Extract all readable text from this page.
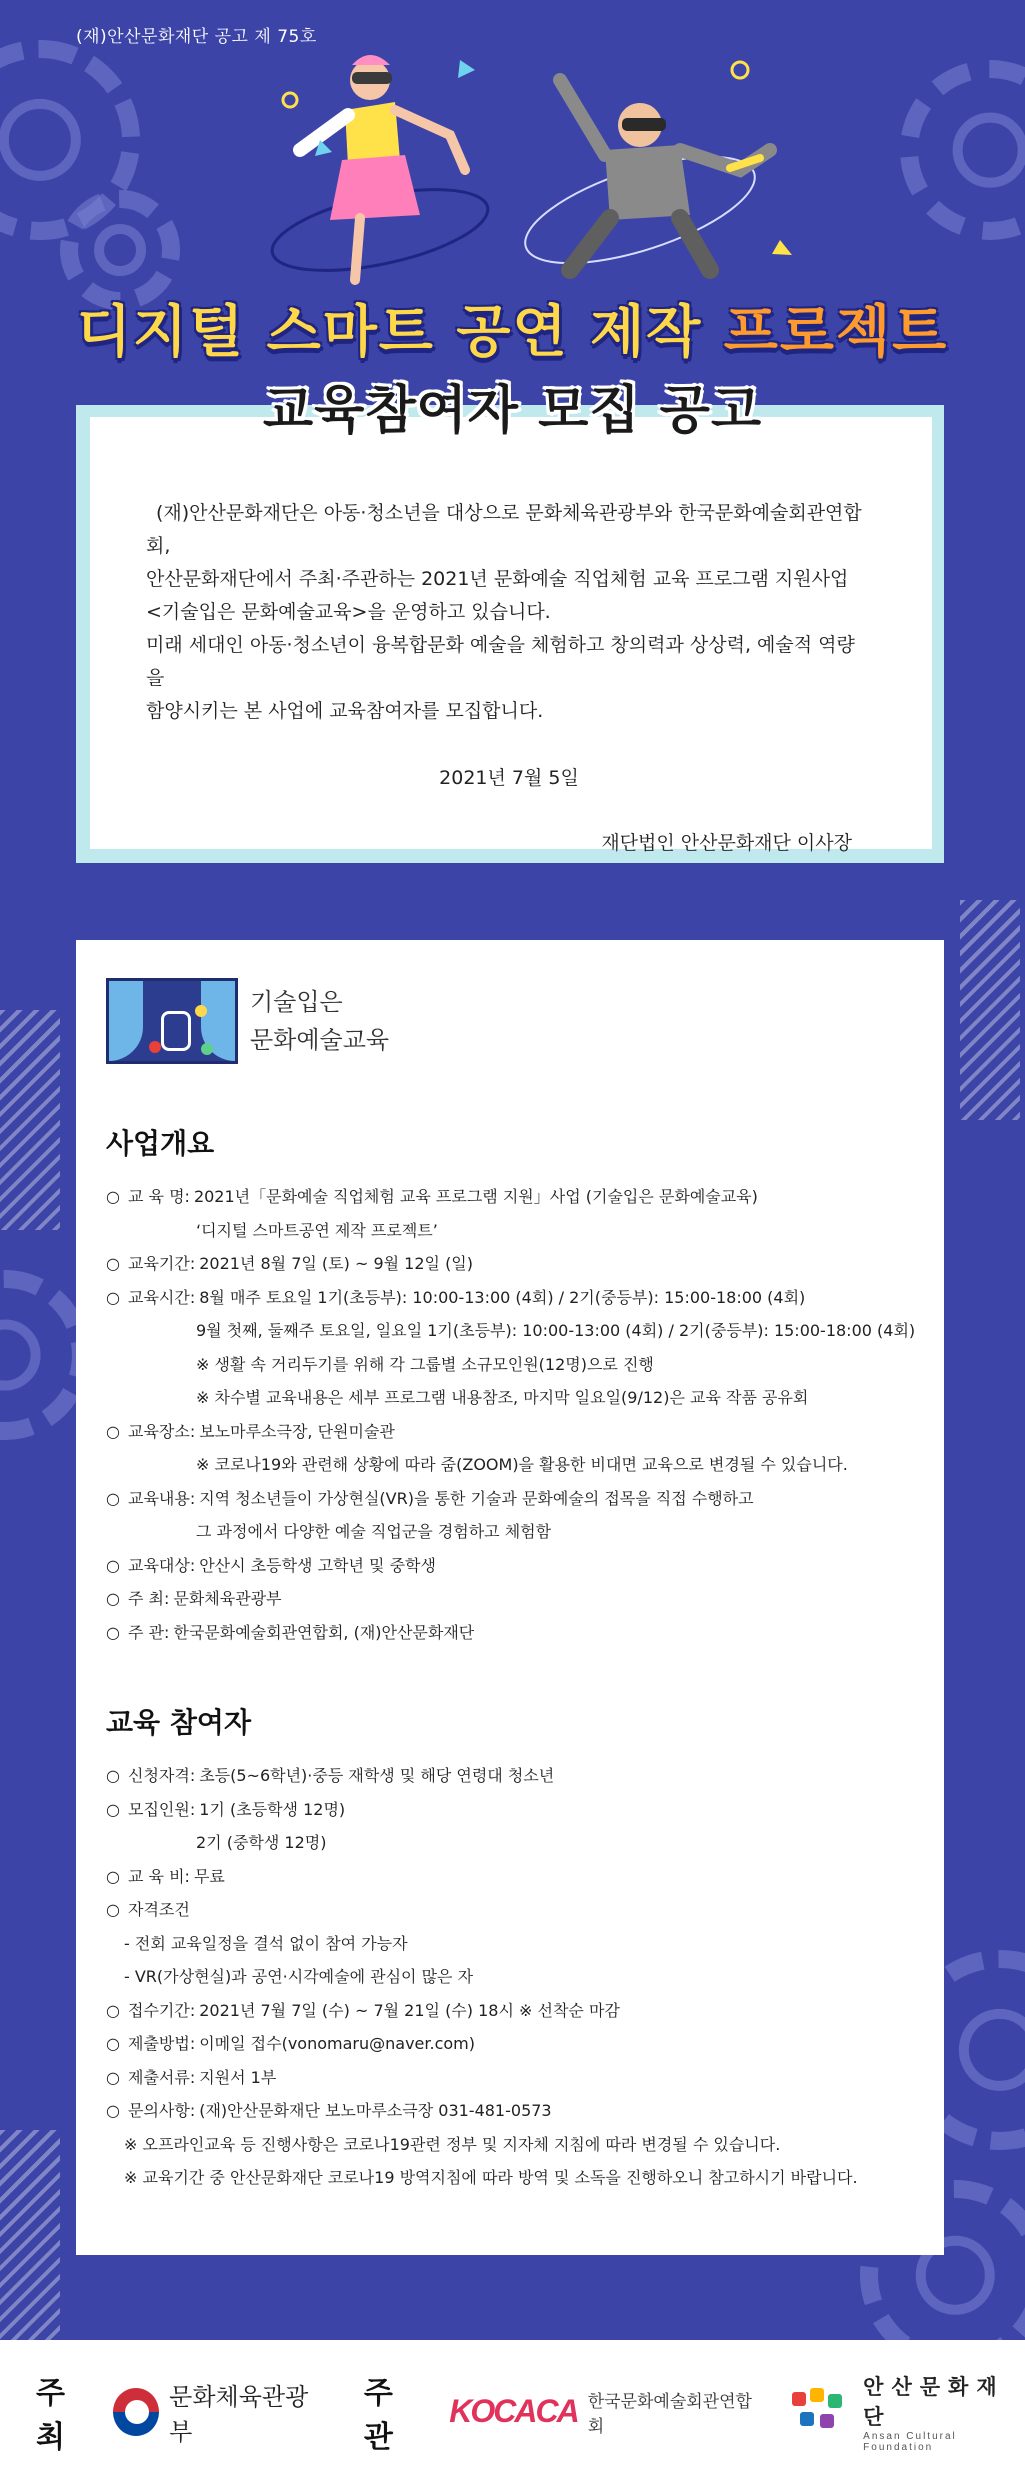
(재)안산문화재단 공고 제 75호
디지털 스마트 공연 제작 프로젝트

(재)안산문화재단은 아동·청소년을 대상으로 문화체육관광부와 한국문화예술회관연합회,

안산문화재단에서 주최·주관하는 2021년 문화예술 직업체험 교육 프로그램 지원사업

<기술입은 문화예술교육>을 운영하고 있습니다.

미래 세대인 아동·청소년이 융복합문화 예술을 체험하고 창의력과 상상력, 예술적 역량을

함양시키는 본 사업에 교육참여자를 모집합니다.

2021년 7월 5일

재단법인 안산문화재단 이사장

교육참여자 모집 공고
기술입은
문화예술교육
사업개요
○ 교 육 명: 2021년「문화예술 직업체험 교육 프로그램 지원」사업 (기술입은 문화예술교육)
‘디지털 스마트공연 제작 프로젝트’
○ 교육기간: 2021년 8월 7일 (토) ~ 9월 12일 (일)
○ 교육시간: 8월 매주 토요일 1기(초등부): 10:00-13:00 (4회) / 2기(중등부): 15:00-18:00 (4회)
9월 첫째, 둘째주 토요일, 일요일 1기(초등부): 10:00-13:00 (4회) / 2기(중등부): 15:00-18:00 (4회)
※ 생활 속 거리두기를 위해 각 그룹별 소규모인원(12명)으로 진행
※ 차수별 교육내용은 세부 프로그램 내용참조, 마지막 일요일(9/12)은 교육 작품 공유회
○ 교육장소: 보노마루소극장, 단원미술관
※ 코로나19와 관련해 상황에 따라 줌(ZOOM)을 활용한 비대면 교육으로 변경될 수 있습니다.
○ 교육내용: 지역 청소년들이 가상현실(VR)을 통한 기술과 문화예술의 접목을 직접 수행하고
그 과정에서 다양한 예술 직업군을 경험하고 체험함
○ 교육대상: 안산시 초등학생 고학년 및 중학생
○ 주 최: 문화체육관광부
○ 주 관: 한국문화예술회관연합회, (재)안산문화재단
교육 참여자
○ 신청자격: 초등(5~6학년)·중등 재학생 및 해당 연령대 청소년
○ 모집인원: 1기 (초등학생 12명)
2기 (중학생 12명)
○ 교 육 비: 무료
○ 자격조건
- 전회 교육일정을 결석 없이 참여 가능자
- VR(가상현실)과 공연·시각예술에 관심이 많은 자
○ 접수기간: 2021년 7월 7일 (수) ~ 7월 21일 (수) 18시 ※ 선착순 마감
○ 제출방법: 이메일 접수(vonomaru@naver.com)
○ 제출서류: 지원서 1부
○ 문의사항: (재)안산문화재단 보노마루소극장 031-481-0573
※ 오프라인교육 등 진행사항은 코로나19관련 정부 및 지자체 지침에 따라 변경될 수 있습니다.
※ 교육기간 중 안산문화재단 코로나19 방역지침에 따라 방역 및 소독을 진행하오니 참고하시기 바랍니다.
주최
문화체육관광부
주관
KOCACA 한국문화예술회관연합회
안산문화재단
Ansan Cultural Foundation
